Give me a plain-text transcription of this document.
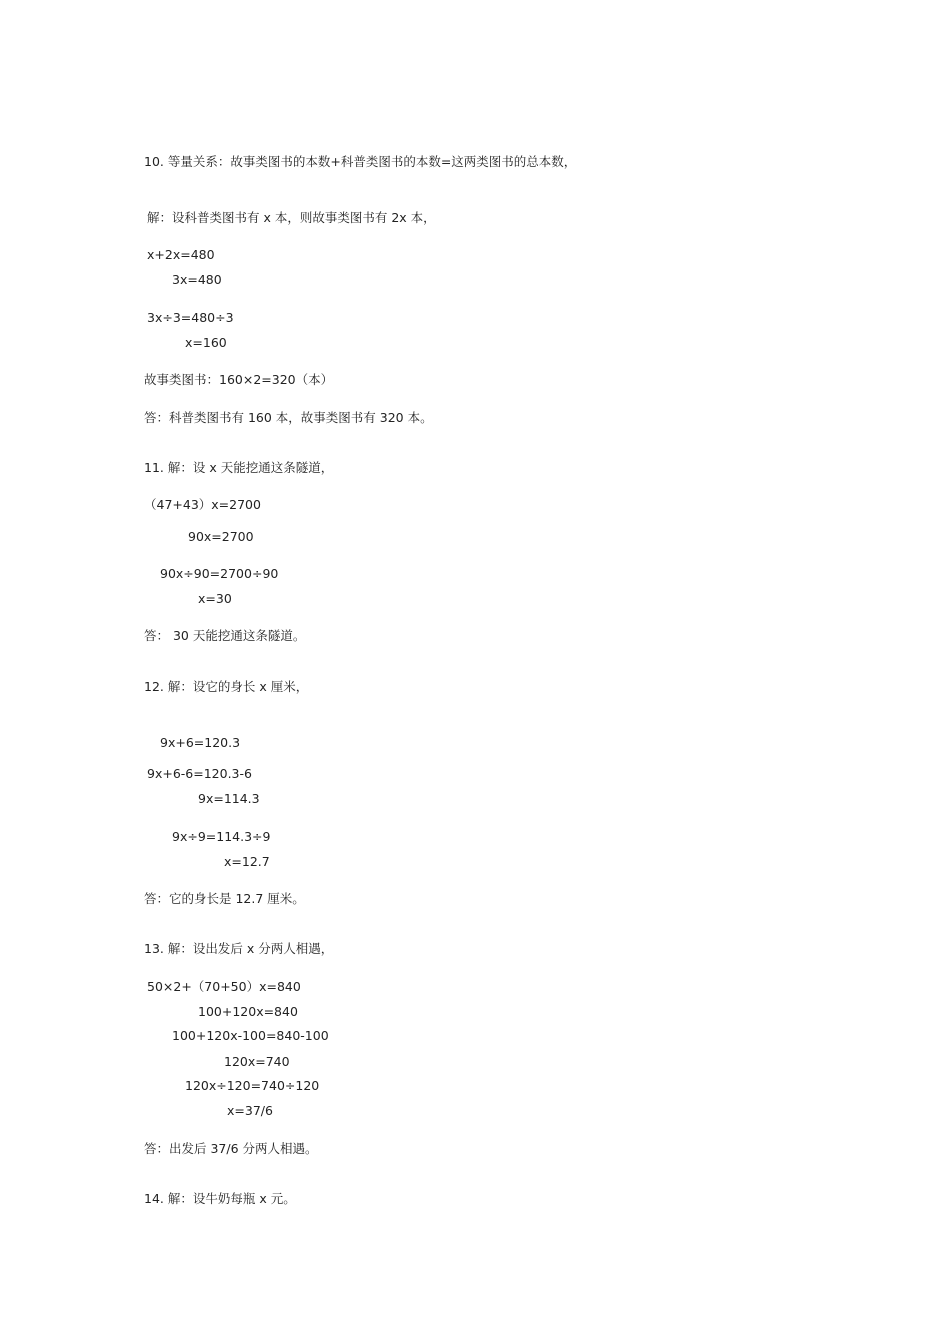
10. 等量关系：故事类图书的本数+科普类图书的本数=这两类图书的总本数，
解：设科普类图书有 x 本，则故事类图书有 2x 本，
x+2x=480
3x=480
3x÷3=480÷3
x=160
故事类图书：160×2=320（本）
答：科普类图书有 160 本，故事类图书有 320 本。
11. 解：设 x 天能挖通这条隧道，
（47+43）x=2700
90x=2700
90x÷90=2700÷90
x=30
答： 30 天能挖通这条隧道。
12. 解：设它的身长 x 厘米，
9x+6=120.3
9x+6-6=120.3-6
9x=114.3
9x÷9=114.3÷9
x=12.7
答：它的身长是 12.7 厘米。
13. 解：设出发后 x 分两人相遇，
50×2+（70+50）x=840
100+120x=840
100+120x-100=840-100
120x=740
120x÷120=740÷120
x=37/6
答：出发后 37/6 分两人相遇。
14. 解：设牛奶每瓶 x 元。
